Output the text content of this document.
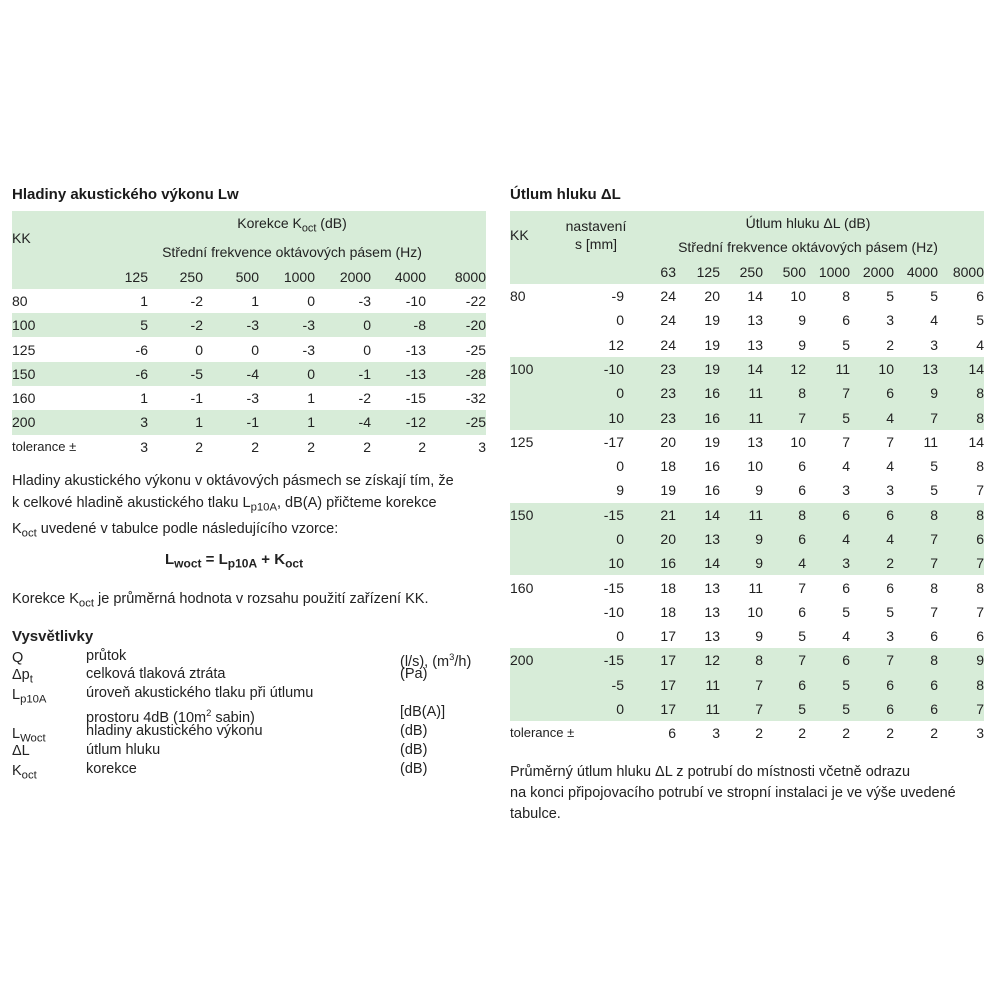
Hladiny akustického výkonu Lw
KK	Korekce $K_{oct}$ (dB)						
	Střední frekvence oktávových pásem (Hz)						
	125	250	500	1000	2000	4000	8000
80	1	-2	1	0	-3	-10	-22
100	5	-2	-3	-3	0	-8	-20
125	-6	0	0	-3	0	-13	-25
150	-6	-5	-4	0	-1	-13	-28
160	1	-1	-3	1	-2	-15	-32
200	3	1	-1	1	-4	-12	-25
tolerance ±	3	2	2	2	2	2	3
Hladiny akustického výkonu v oktávových pásmech se získají tím, že
k celkové hladině akustického tlaku $L_{p10A}$, dB(A) přičteme korekce
$K_{oct}$ uvedené v tabulce podle následujícího vzorce:
$L_{woct} = L_{p10A} + K_{oct}$
Korekce $K_{oct}$ je průměrná hodnota v rozsahu použití zařízení KK.
Vysvětlivky
Q	průtok	(l/s), $(m^3/h)$
$\Delta p_t$	celková tlaková ztráta	(Pa)
$L_{p10A}$	úroveň akustického tlaku při útlumu
prostoru 4dB ($10m^2$ sabin)	[dB(A)]
$L_{Woct}$	hladiny akustického výkonu	(dB)
ΔL	útlum hluku	(dB)
$K_{oct}$	korekce	(dB)
Útlum hluku ΔL
KK	nastavení
s [mm]	Útlum hluku ΔL (dB)							
		Střední frekvence oktávových pásem (Hz)							
		63	125	250	500	1000	2000	4000	8000
80	-9	24	20	14	10	8	5	5	6
	0	24	19	13	9	6	3	4	5
	12	24	19	13	9	5	2	3	4
100	-10	23	19	14	12	11	10	13	14
	0	23	16	11	8	7	6	9	8
	10	23	16	11	7	5	4	7	8
125	-17	20	19	13	10	7	7	11	14
	0	18	16	10	6	4	4	5	8
	9	19	16	9	6	3	3	5	7
150	-15	21	14	11	8	6	6	8	8
	0	20	13	9	6	4	4	7	6
	10	16	14	9	4	3	2	7	7
160	-15	18	13	11	7	6	6	8	8
	-10	18	13	10	6	5	5	7	7
	0	17	13	9	5	4	3	6	6
200	-15	17	12	8	7	6	7	8	9
	-5	17	11	7	6	5	6	6	8
	0	17	11	7	5	5	6	6	7
tolerance ±		6	3	2	2	2	2	2	3
Průměrný útlum hluku ΔL z potrubí do místnosti včetně odrazu
na konci připojovacího potrubí ve stropní instalaci je ve výše uvedené
tabulce.
